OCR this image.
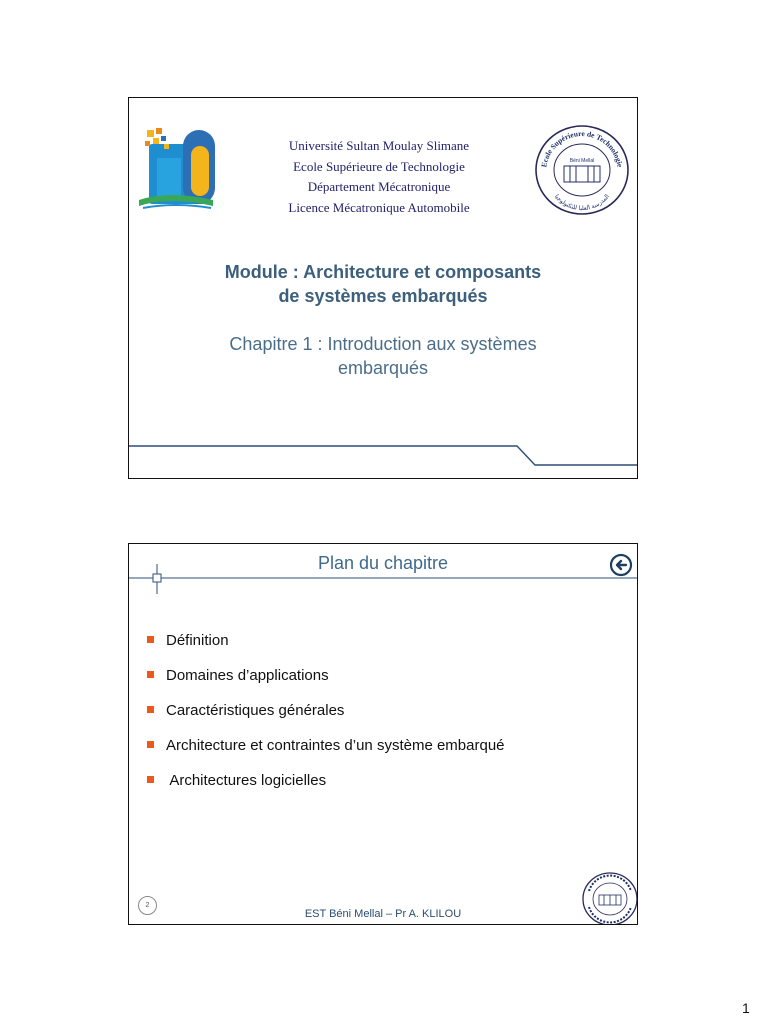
Université Sultan Moulay Slimane
Ecole Supérieure de Technologie
Département Mécatronique
Licence Mécatronique Automobile
Ecole Supérieure de Technologie
المدرسة العليا للتكنولوجيا
Béni Mellal
Module : Architecture et composants
de systèmes embarqués
Chapitre 1 : Introduction aux systèmes
embarqués
Plan du chapitre
Définition
Domaines d’applications
Caractéristiques générales
Architecture et contraintes d’un système embarqué
Architectures logicielles
2
EST Béni Mellal – Pr A. KLILOU
1
